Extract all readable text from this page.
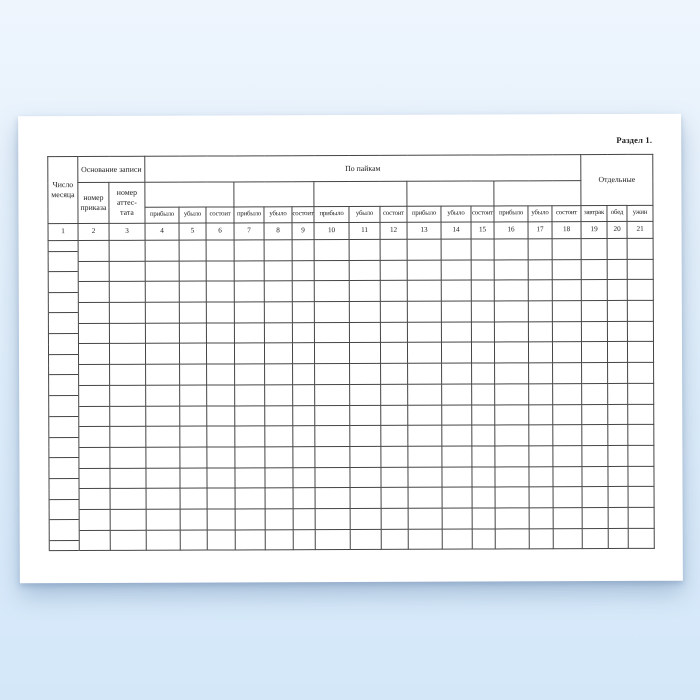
Раздел 1.
Число
месяца	Основание записи		По пайкам															Отдельные		
	номер
приказа	номер
аттес-
тата																		
			прибыло	убыло	состоит	прибыло	убыло	состоит	прибыло	убыло	состоит	прибыло	убыло	состоит	прибыло	убыло	состоит	завтрак	обед	ужин
1	2	3	4	5	6	7	8	9	10	11	12	13	14	15	16	17	18	19	20	21
